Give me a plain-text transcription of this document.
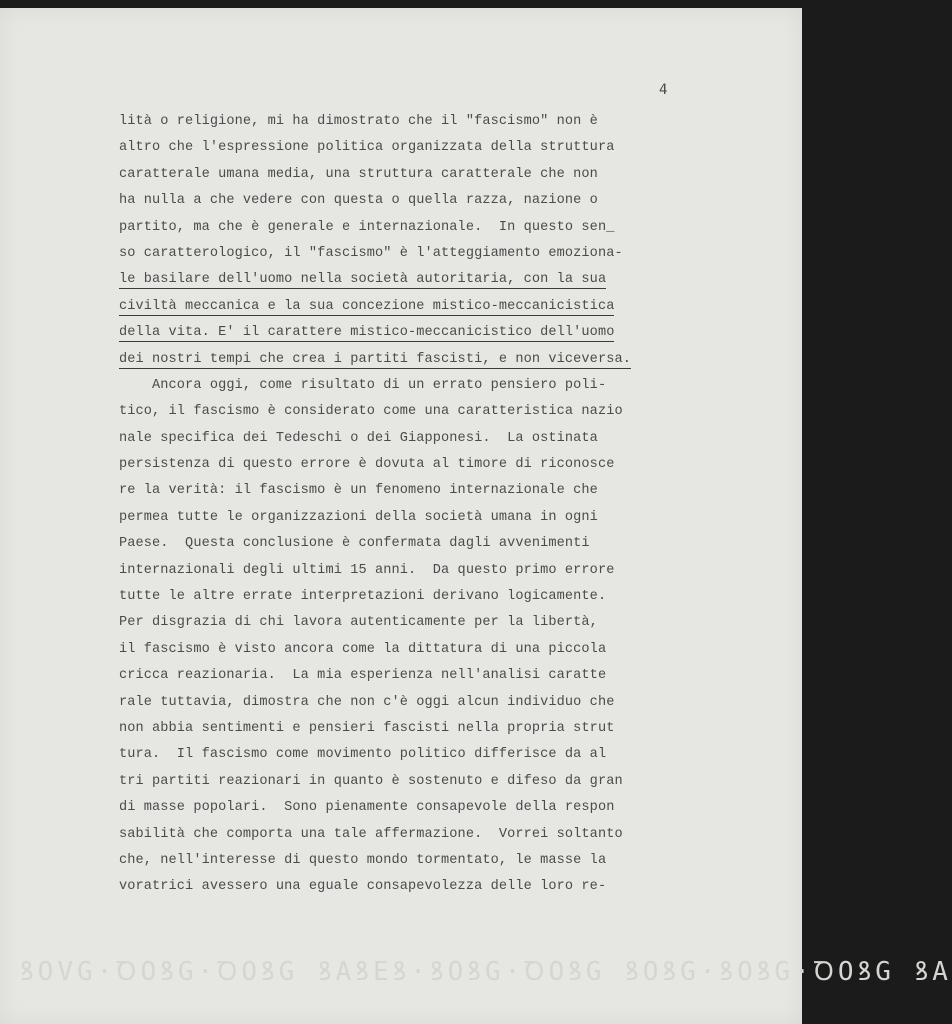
ꝸOVG·ꝹOꝸG·ꝹOꝸG ꝸAꝸEꝸ·ꝸOꝸG·ꝹOꝸG ꝸOꝸG·ꝸOꝸG·ꝹOꝸG ꝸA
4
lità o religione, mi ha dimostrato che il "fascismo" non è
altro che l'espressione politica organizzata della struttura
caratterale umana media, una struttura caratterale che non
ha nulla a che vedere con questa o quella razza, nazione o
partito, ma che è generale e internazionale.  In questo sen_
so caratterologico, il "fascismo" è l'atteggiamento emoziona-
le basilare dell'uomo nella società autoritaria, con la sua
civiltà meccanica e la sua concezione mistico-meccanicistica
della vita. E' il carattere mistico-meccanicistico dell'uomo
dei nostri tempi che crea i partiti fascisti, e non viceversa.
Ancora oggi, come risultato di un errato pensiero poli-
tico, il fascismo è considerato come una caratteristica nazio
nale specifica dei Tedeschi o dei Giapponesi.  La ostinata
persistenza di questo errore è dovuta al timore di riconosce
re la verità: il fascismo è un fenomeno internazionale che
permea tutte le organizzazioni della società umana in ogni
Paese.  Questa conclusione è confermata dagli avvenimenti
internazionali degli ultimi 15 anni.  Da questo primo errore
tutte le altre errate interpretazioni derivano logicamente.
Per disgrazia di chi lavora autenticamente per la libertà,
il fascismo è visto ancora come la dittatura di una piccola
cricca reazionaria.  La mia esperienza nell'analisi caratte
rale tuttavia, dimostra che non c'è oggi alcun individuo che
non abbia sentimenti e pensieri fascisti nella propria strut
tura.  Il fascismo come movimento politico differisce da al
tri partiti reazionari in quanto è sostenuto e difeso da gran
di masse popolari.  Sono pienamente consapevole della respon
sabilità che comporta una tale affermazione.  Vorrei soltanto
che, nell'interesse di questo mondo tormentato, le masse la
voratrici avessero una eguale consapevolezza delle loro re-
